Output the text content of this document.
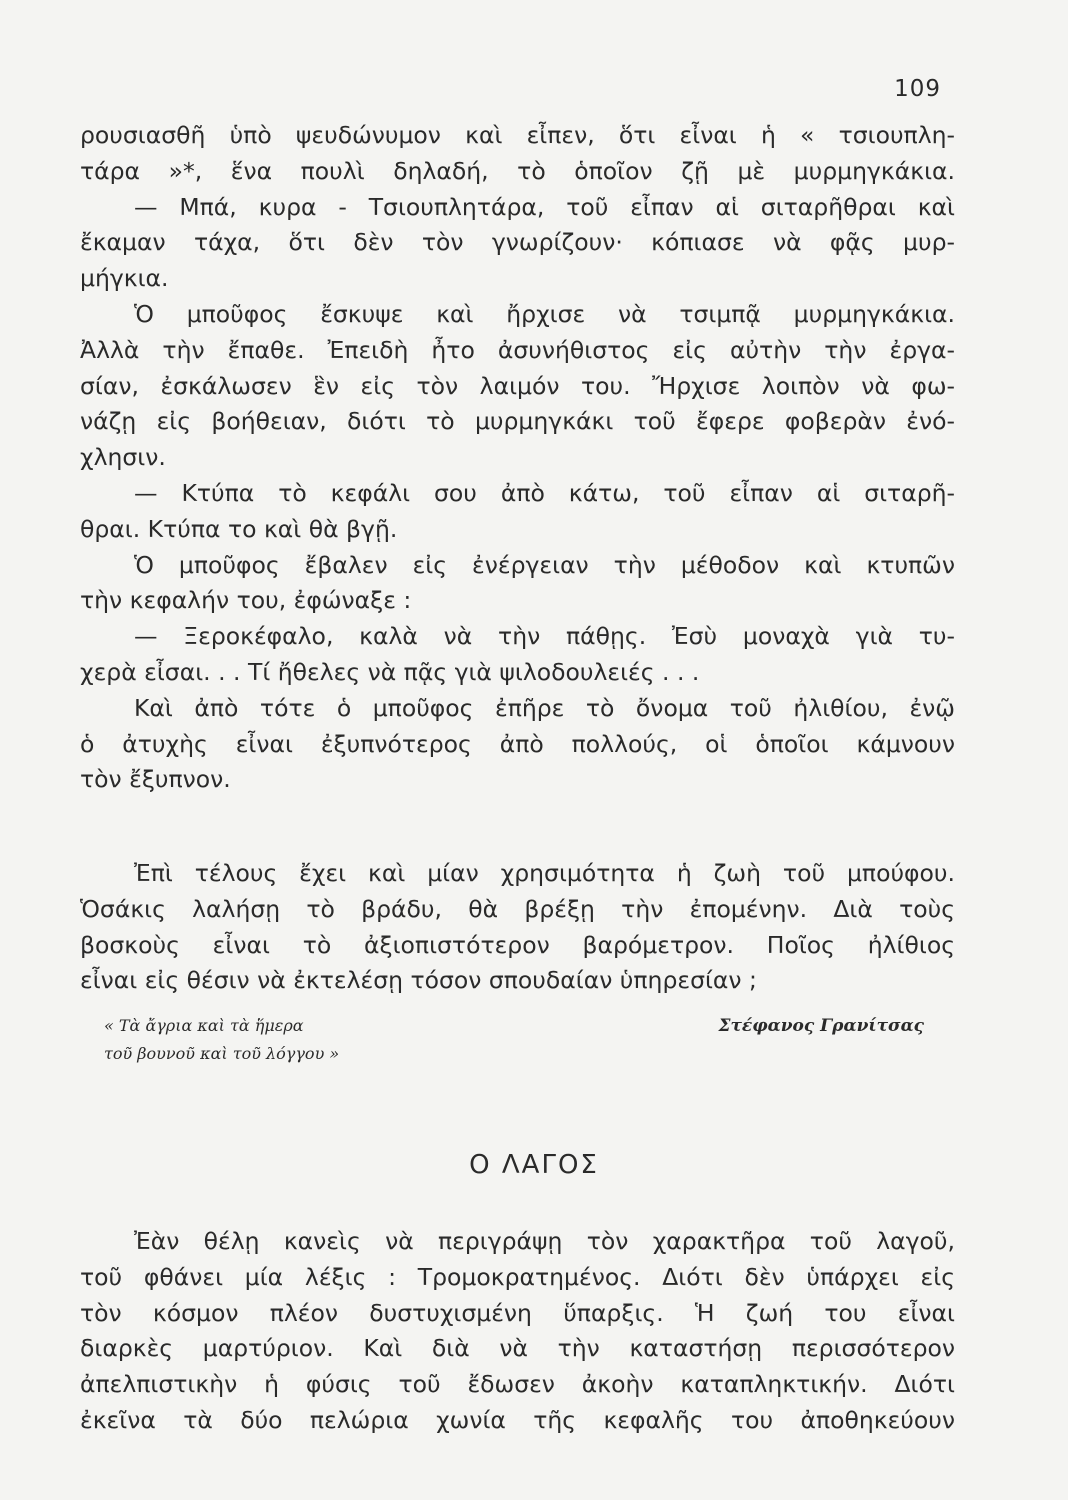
109
ρουσιασθῆ ὑπὸ ψευδώνυμον καὶ εἶπεν, ὅτι εἶναι ἡ « τσιουπλη-
τάρα »*, ἕνα πουλὶ δηλαδή, τὸ ὁποῖον ζῇ μὲ μυρμηγκάκια.
— Μπά, κυρα - Τσιουπλητάρα, τοῦ εἶπαν αἱ σιταρῆθραι καὶ
ἔκαμαν τάχα, ὅτι δὲν τὸν γνωρίζουν· κόπιασε νὰ φᾷς μυρ-
μήγκια.
Ὁ μποῦφος ἔσκυψε καὶ ἤρχισε νὰ τσιμπᾷ μυρμηγκάκια.
Ἀλλὰ τὴν ἔπαθε. Ἐπειδὴ ἦτο ἀσυνήθιστος εἰς αὐτὴν τὴν ἐργα-
σίαν, ἐσκάλωσεν ἓν εἰς τὸν λαιμόν του. Ἤρχισε λοιπὸν νὰ φω-
νάζῃ εἰς βοήθειαν, διότι τὸ μυρμηγκάκι τοῦ ἔφερε φοβερὰν ἐνό-
χλησιν.
— Κτύπα τὸ κεφάλι σου ἀπὸ κάτω, τοῦ εἶπαν αἱ σιταρῆ-
θραι. Κτύπα το καὶ θὰ βγῇ.
Ὁ μποῦφος ἔβαλεν εἰς ἐνέργειαν τὴν μέθοδον καὶ κτυπῶν
τὴν κεφαλήν του, ἐφώναξε :
— Ξεροκέφαλο, καλὰ νὰ τὴν πάθῃς. Ἐσὺ μοναχὰ γιὰ τυ-
χερὰ εἶσαι. . . Τί ἤθελες νὰ πᾷς γιὰ ψιλοδουλειές . . .
Καὶ ἀπὸ τότε ὁ μποῦφος ἐπῆρε τὸ ὄνομα τοῦ ἠλιθίου, ἐνῷ
ὁ ἀτυχὴς εἶναι ἐξυπνότερος ἀπὸ πολλούς, οἱ ὁποῖοι κάμνουν
τὸν ἔξυπνον.
Ἐπὶ τέλους ἔχει καὶ μίαν χρησιμότητα ἡ ζωὴ τοῦ μπούφου.
Ὁσάκις λαλήσῃ τὸ βράδυ, θὰ βρέξῃ τὴν ἐπομένην. Διὰ τοὺς
βοσκοὺς εἶναι τὸ ἀξιοπιστότερον βαρόμετρον. Ποῖος ἠλίθιος
εἶναι εἰς θέσιν νὰ ἐκτελέσῃ τόσον σπουδαίαν ὑπηρεσίαν ;
« Τὰ ἄγρια καὶ τὰ ἥμερα
τοῦ βουνοῦ καὶ τοῦ λόγγου »
Στέφανος Γρανίτσας
Ο ΛΑΓΟΣ
Ἐὰν θέλῃ κανεὶς νὰ περιγράψῃ τὸν χαρακτῆρα τοῦ λαγοῦ,
τοῦ φθάνει μία λέξις : Τρομοκρατημένος. Διότι δὲν ὑπάρχει εἰς
τὸν κόσμον πλέον δυστυχισμένη ὕπαρξις. Ἡ ζωή του εἶναι
διαρκὲς μαρτύριον. Καὶ διὰ νὰ τὴν καταστήσῃ περισσότερον
ἀπελπιστικὴν ἡ φύσις τοῦ ἔδωσεν ἀκοὴν καταπληκτικήν. Διότι
ἐκεῖνα τὰ δύο πελώρια χωνία τῆς κεφαλῆς του ἀποθηκεύουν
